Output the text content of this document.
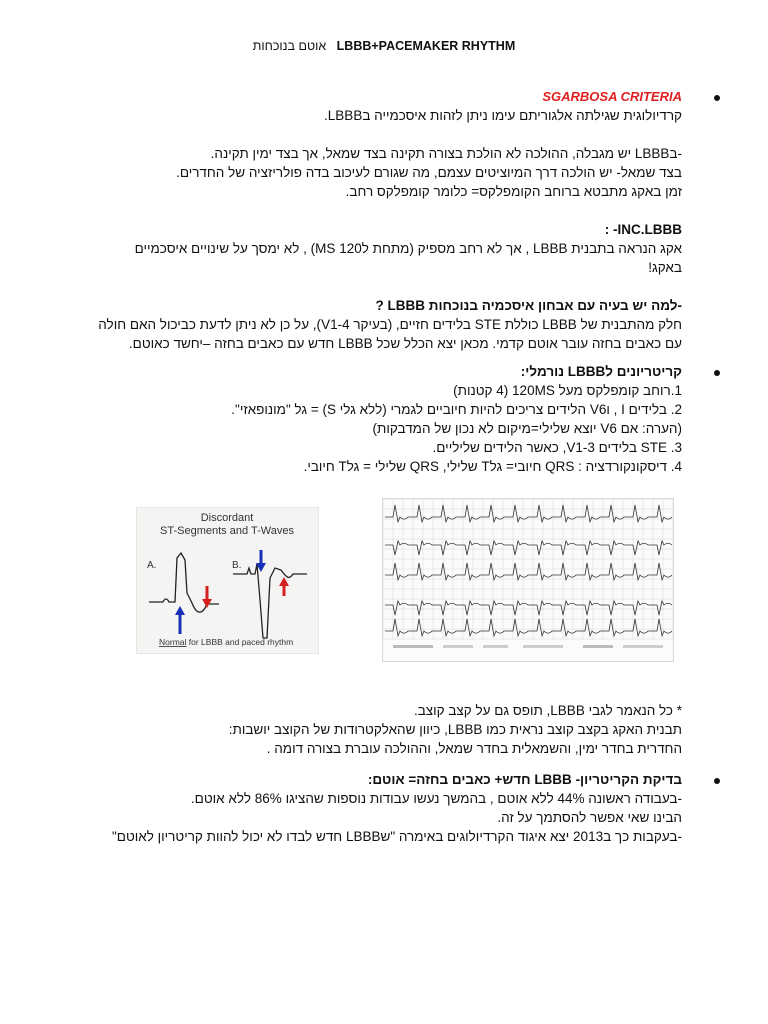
LBBB+PACEMAKER RHYTHM   אוטם בנוכחות
SGARBOSA CRITERIA
קרדיולוגית שגילתה אלגוריתם עימו ניתן לזהות איסכמייה בLBBB.
-בLBBB יש מגבלה, ההולכה לא הולכת בצורה תקינה בצד שמאל, אך בצד ימין תקינה.
בצד שמאל- יש הולכה דרך המיוציטים עצמם, מה שגורם לעיכוב בדה פולריזציה של החדרים.
זמן באקג מתבטא ברוחב הקומפלקס= כלומר קומפלקס רחב.
INC.LBBB- :
אקג הנראה בתבנית LBBB , אך לא רחב מספיק (מתחת ל120 MS) , לא ימסך על שינויים איסכמיים
באקג!
-למה יש בעיה עם אבחון איסכמיה בנוכחות LBBB ?
חלק מהתבנית של LBBB כוללת STE בלידים חזיים, (בעיקר V1-4), על כן לא ניתן לדעת כביכול האם חולה
עם כאבים בחזה עובר אוטם קדמי. מכאן יצא הכלל שכל LBBB חדש עם כאבים בחזה –יחשד כאוטם.
קריטריונים לLBBB נורמלי:
1.רוחב קומפלקס מעל 120MS (4 קטנות)
2. בלידים I , וV6 הלידים צריכים להיות חיוביים לגמרי (ללא גלי S) = גל "מונופאזי".
(הערה: אם V6 יוצא שלילי=מיקום לא נכון של המדבקות)
3. STE בלידים V1-3, כאשר הלידים שליליים.
4. דיסקונקורדציה : QRS חיובי= גלT שלילי, QRS שלילי = גלT חיובי.
Discordant
ST-Segments and T-Waves
A.	B.
Normal for LBBB and paced rhythm
* כל הנאמר לגבי LBBB, תופס גם על קצב קוצב.
תבנית האקג בקצב קוצב נראית כמו LBBB, כיוון שהאלקטרודות של הקוצב יושבות:
החדרית בחדר ימין, והשמאלית בחדר שמאל, וההולכה עוברת בצורה דומה .
בדיקת הקריטריון- LBBB חדש+ כאבים בחזה= אוטם:
-בעבודה ראשונה 44% ללא אוטם , בהמשך נעשו עבודות נוספות שהציגו 86% ללא אוטם.
הבינו שאי אפשר להסתמך על זה.
-בעקבות כך ב2013 יצא איגוד הקרדיולוגים באימרה "שLBBB חדש לבדו לא יכול להוות קריטריון לאוטם"
